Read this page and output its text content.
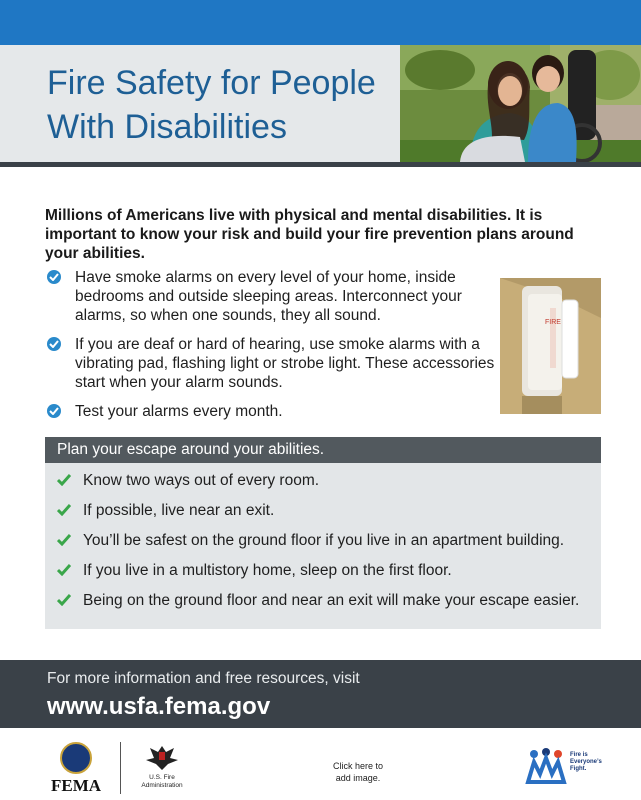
Fire Safety for People
With Disabilities

Millions of Americans live with physical and mental disabilities. It is important to know your risk and build your fire prevention plans around your abilities.

Have smoke alarms on every level of your home, inside bedrooms and outside sleeping areas. Interconnect your alarms, so when one sounds, they all sound.
If you are deaf or hard of hearing, use smoke alarms with a vibrating pad, flashing light or strobe light. These accessories start when your alarm sounds.
Test your alarms every month.
FIRE
Plan your escape around your abilities.
Know two ways out of every room.
If possible, live near an exit.
You’ll be safest on the ground floor if you live in an apartment building.
If you live in a multistory home, sleep on the first floor.
Being on the ground floor and near an exit will make your escape easier.
For more information and free resources, visit
www.usfa.fema.gov
FEMA	U.S. Fire Administration
Click here to
add image.
Fire is Everyone’s Fight.
